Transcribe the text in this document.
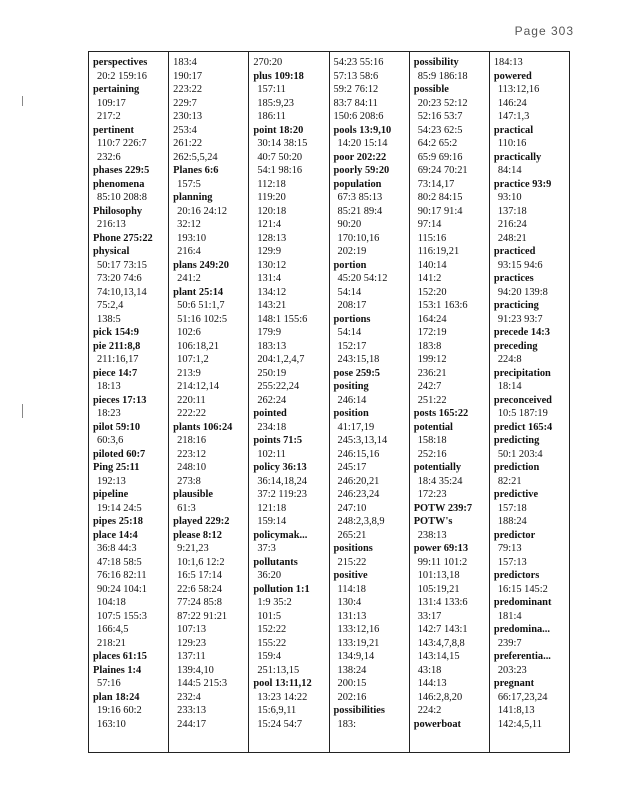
Page 303
perspectives
20:2 159:16
pertaining
109:17
217:2
pertinent
110:7 226:7
232:6
phases 229:5
phenomena
85:10 208:8
Philosophy
216:13
Phone 275:22
physical
50:17 73:15
73:20 74:6
74:10,13,14
75:2,4
138:5
pick 154:9
pie 211:8,8
211:16,17
piece 14:7
18:13
pieces 17:13
18:23
pilot 59:10
60:3,6
piloted 60:7
Ping 25:11
192:13
pipeline
19:14 24:5
pipes 25:18
place 14:4
36:8 44:3
47:18 58:5
76:16 82:11
90:24 104:1
104:18
107:5 155:3
166:4,5
218:21
places 61:15
Plaines 1:4
57:16
plan 18:24
19:16 60:2
163:10
183:4
190:17
223:22
229:7
230:13
253:4
261:22
262:5,5,24
Planes 6:6
157:5
planning
20:16 24:12
32:12
193:10
216:4
plans 249:20
241:2
plant 25:14
50:6 51:1,7
51:16 102:5
102:6
106:18,21
107:1,2
213:9
214:12,14
220:11
222:22
plants 106:24
218:16
223:12
248:10
273:8
plausible
61:3
played 229:2
please 8:12
9:21,23
10:1,6 12:2
16:5 17:14
22:6 58:24
77:24 85:8
87:22 91:21
107:13
129:23
137:11
139:4,10
144:5 215:3
232:4
233:13
244:17
270:20
plus 109:18
157:11
185:9,23
186:11
point 18:20
30:14 38:15
40:7 50:20
54:1 98:16
112:18
119:20
120:18
121:4
128:13
129:9
130:12
131:4
134:12
143:21
148:1 155:6
179:9
183:13
204:1,2,4,7
250:19
255:22,24
262:24
pointed
234:18
points 71:5
102:11
policy 36:13
36:14,18,24
37:2 119:23
121:18
159:14
policymak...
37:3
pollutants
36:20
pollution 1:1
1:9 35:2
101:5
152:22
155:22
159:4
251:13,15
pool 13:11,12
13:23 14:22
15:6,9,11
15:24 54:7
54:23 55:16
57:13 58:6
59:2 76:12
83:7 84:11
150:6 208:6
pools 13:9,10
14:20 15:14
poor 202:22
poorly 59:20
population
67:3 85:13
85:21 89:4
90:20
170:10,16
202:19
portion
45:20 54:12
54:14
208:17
portions
54:14
152:17
243:15,18
pose 259:5
positing
246:14
position
41:17,19
245:3,13,14
246:15,16
245:17
246:20,21
246:23,24
247:10
248:2,3,8,9
265:21
positions
215:22
positive
114:18
130:4
131:13
133:12,16
133:19,21
134:9,14
138:24
200:15
202:16
possibilities
183:
possibility
85:9 186:18
possible
20:23 52:12
52:16 53:7
54:23 62:5
64:2 65:2
65:9 69:16
69:24 70:21
73:14,17
80:2 84:15
90:17 91:4
97:14
115:16
116:19,21
140:14
141:2
152:20
153:1 163:6
164:24
172:19
183:8
199:12
236:21
242:7
251:22
posts 165:22
potential
158:18
252:16
potentially
18:4 35:24
172:23
POTW 239:7
POTW's
238:13
power 69:13
99:11 101:2
101:13,18
105:19,21
131:4 133:6
33:17
142:7 143:1
143:4,7,8,8
143:14,15
43:18
144:13
146:2,8,20
224:2
powerboat
184:13
powered
113:12,16
146:24
147:1,3
practical
110:16
practically
84:14
practice 93:9
93:10
137:18
216:24
248:21
practiced
93:15 94:6
practices
94:20 139:8
practicing
91:23 93:7
precede 14:3
preceding
224:8
precipitation
18:14
preconceived
10:5 187:19
predict 165:4
predicting
50:1 203:4
prediction
82:21
predictive
157:18
188:24
predictor
79:13
157:13
predictors
16:15 145:2
predominant
181:4
predomina...
239:7
preferentia...
203:23
pregnant
66:17,23,24
141:8,13
142:4,5,11
